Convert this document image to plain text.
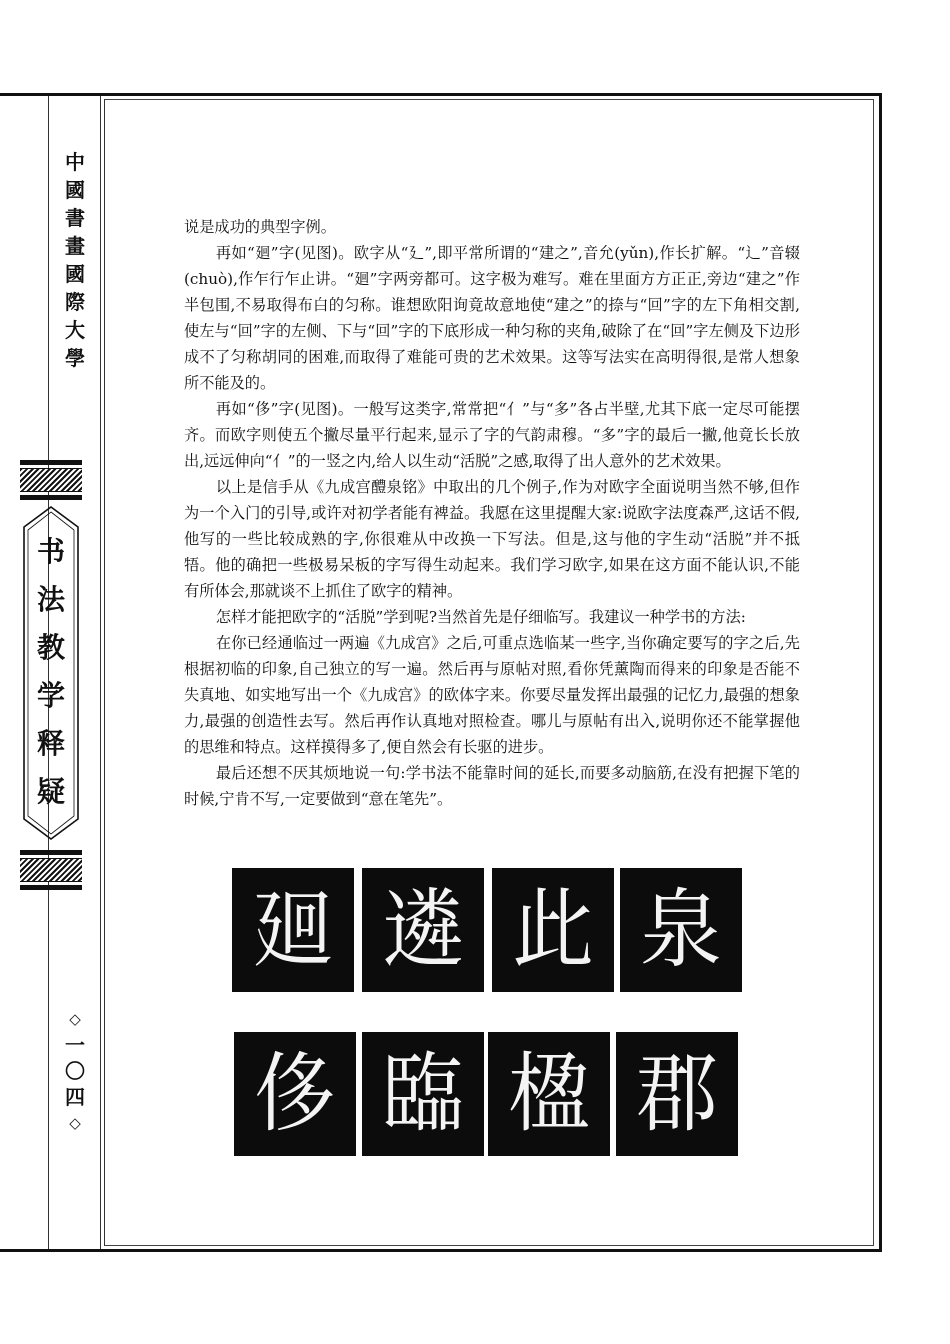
中
國
書
畫
國
際
大
學
书
法
教
学
释
疑
◇
一
〇
四
◇

说是成功的典型字例。

再如“廻”字(见图)。欧字从“廴”,即平常所谓的“建之”,音允(yǔn),作长扩解。“辶”音辍(chuò),作乍行乍止讲。“廻”字两旁都可。这字极为难写。难在里面方方正正,旁边“建之”作半包围,不易取得布白的匀称。谁想欧阳询竟故意地使“建之”的捺与“回”字的左下角相交割,使左与“回”字的左侧、下与“回”字的下底形成一种匀称的夹角,破除了在“回”字左侧及下边形成不了匀称胡同的困难,而取得了难能可贵的艺术效果。这等写法实在高明得很,是常人想象所不能及的。

再如“侈”字(见图)。一般写这类字,常常把“亻”与“多”各占半壁,尤其下底一定尽可能摆齐。而欧字则使五个撇尽量平行起来,显示了字的气韵肃穆。“多”字的最后一撇,他竟长长放出,远远伸向“亻”的一竖之内,给人以生动“活脱”之感,取得了出人意外的艺术效果。

以上是信手从《九成宫醴泉铭》中取出的几个例子,作为对欧字全面说明当然不够,但作为一个入门的引导,或许对初学者能有裨益。我愿在这里提醒大家:说欧字法度森严,这话不假,他写的一些比较成熟的字,你很难从中改换一下写法。但是,这与他的字生动“活脱”并不抵牾。他的确把一些极易呆板的字写得生动起来。我们学习欧字,如果在这方面不能认识,不能有所体会,那就谈不上抓住了欧字的精神。

怎样才能把欧字的“活脱”学到呢?当然首先是仔细临写。我建议一种学书的方法:

在你已经通临过一两遍《九成宫》之后,可重点选临某一些字,当你确定要写的字之后,先根据初临的印象,自己独立的写一遍。然后再与原帖对照,看你凭薰陶而得来的印象是否能不失真地、如实地写出一个《九成宫》的欧体字来。你要尽量发挥出最强的记忆力,最强的想象力,最强的创造性去写。然后再作认真地对照检查。哪儿与原帖有出入,说明你还不能掌握他的思维和特点。这样摸得多了,便自然会有长驱的进步。

最后还想不厌其烦地说一句:学书法不能靠时间的延长,而要多动脑筋,在没有把握下笔的时候,宁肯不写,一定要做到“意在笔先”。

廻 遴 此 泉
侈 臨 楹 郡
